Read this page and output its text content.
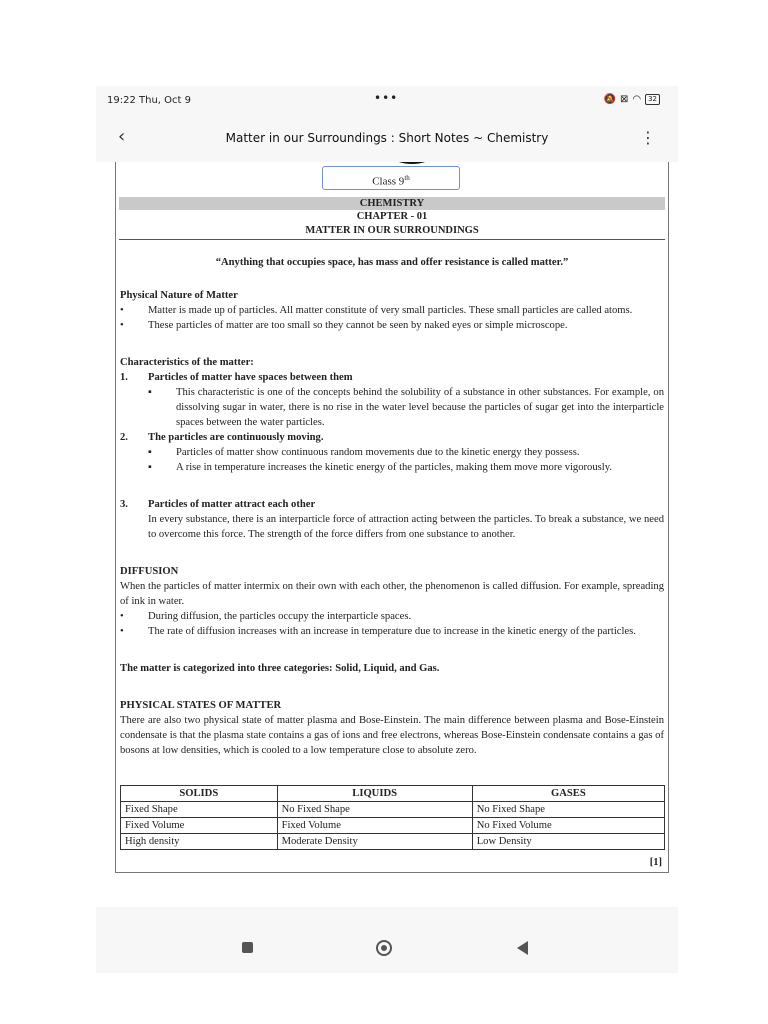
19:22 Thu, Oct 9	•••	🔕 ⊠ ◠	32
‹	Matter in our Surroundings : Short Notes ~ Chemistry	⋮
Class 9th
CHEMISTRY
CHAPTER - 01
MATTER IN OUR SURROUNDINGS
“Anything that occupies space, has mass and offer resistance is called matter.”

Physical Nature of Matter

• Matter is made up of particles. All matter constitute of very small particles. These small particles are called atoms.

• These particles of matter are too small so they cannot be seen by naked eyes or simple microscope.

Characteristics of the matter:

1. Particles of matter have spaces between them

▪ This characteristic is one of the concepts behind the solubility of a substance in other substances. For example, on dissolving sugar in water, there is no rise in the water level because the particles of sugar get into the interparticle spaces between the water particles.

2. The particles are continuously moving.

▪ Particles of matter show continuous random movements due to the kinetic energy they possess.

▪ A rise in temperature increases the kinetic energy of the particles, making them move more vigorously.

3. Particles of matter attract each other

In every substance, there is an interparticle force of attraction acting between the particles. To break a substance, we need to overcome this force. The strength of the force differs from one substance to another.

DIFFUSION

When the particles of matter intermix on their own with each other, the phenomenon is called diffusion. For example, spreading of ink in water.

• During diffusion, the particles occupy the interparticle spaces.

• The rate of diffusion increases with an increase in temperature due to increase in the kinetic energy of the particles.

The matter is categorized into three categories: Solid, Liquid, and Gas.

PHYSICAL STATES OF MATTER

There are also two physical state of matter plasma and Bose-Einstein. The main difference between plasma and Bose-Einstein condensate is that the plasma state contains a gas of ions and free electrons, whereas Bose-Einstein condensate contains a gas of bosons at low densities, which is cooled to a low temperature close to absolute zero.

SOLIDS	LIQUIDS	GASES
Fixed Shape	No Fixed Shape	No Fixed Shape
Fixed Volume	Fixed Volume	No Fixed Volume
High density	Moderate Density	Low Density
[1]
